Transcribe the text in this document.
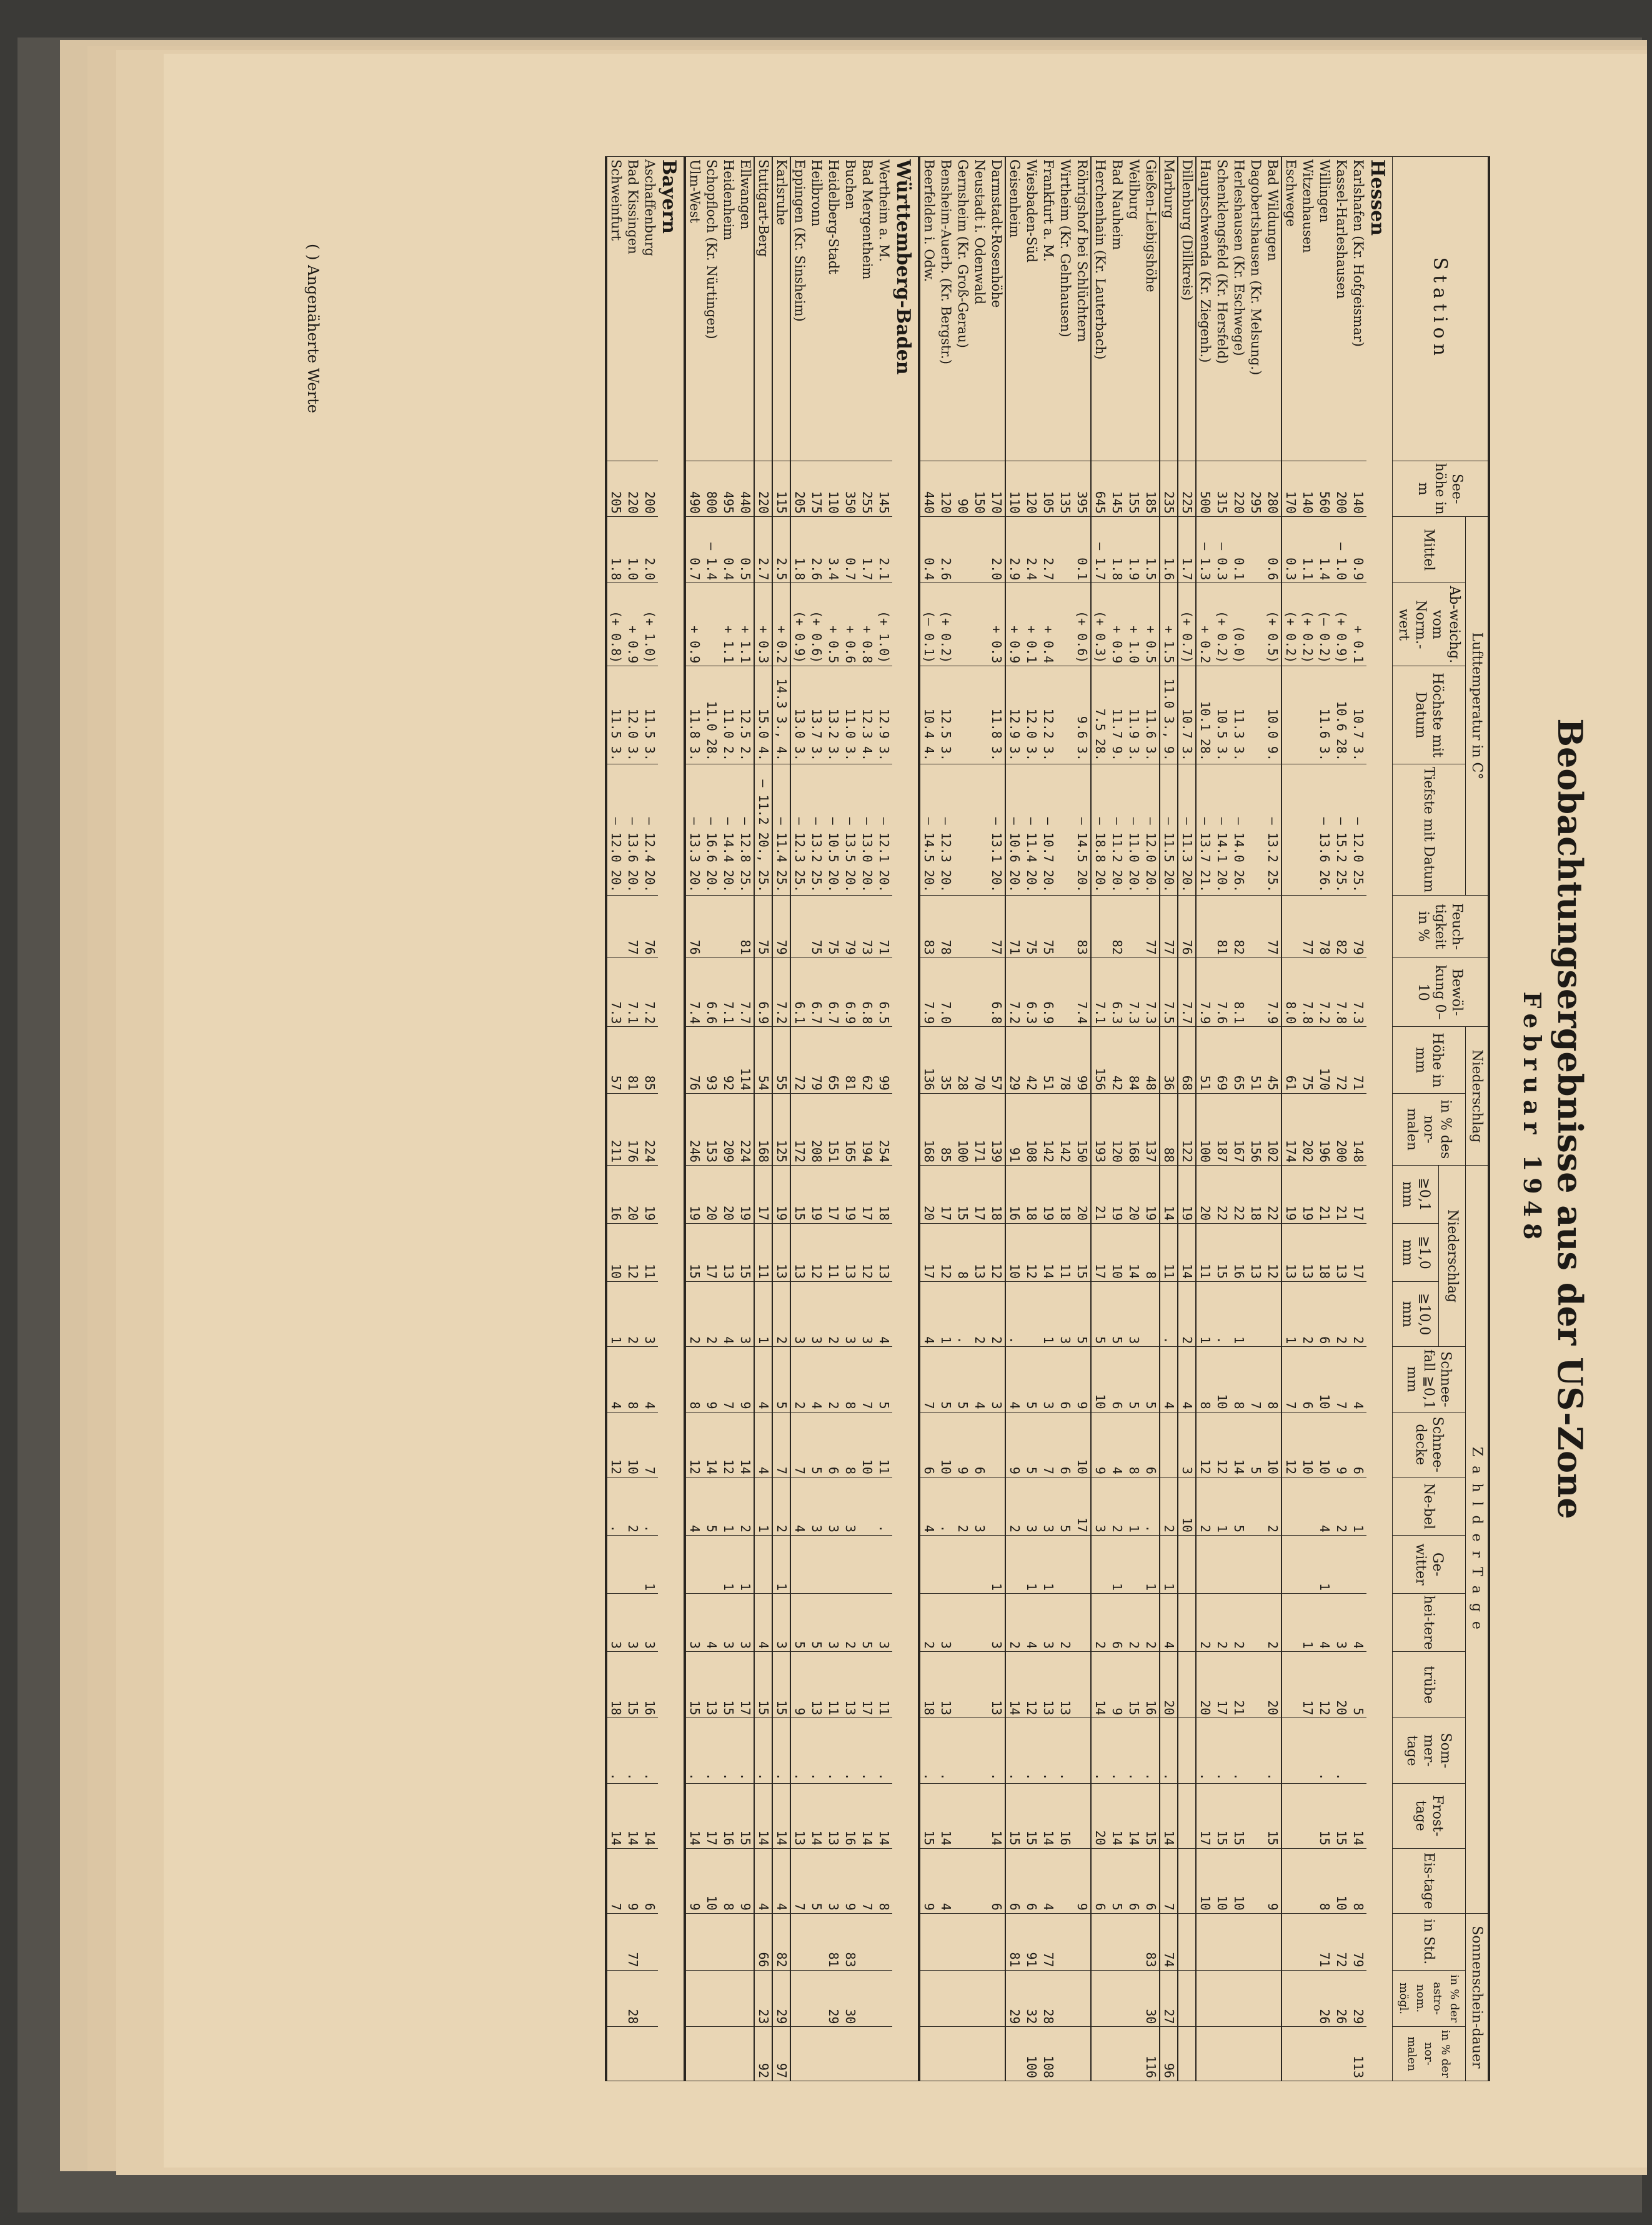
Beobachtungsergebnisse aus der US-Zone
Februar 1948
Station	See-höhe in m	Lufttemperatur in C°				Feuch-tigkeit in %	Bewöl-kung 0–10	Niederschlag		Z a h l d e r T a g e												Sonnenschein-dauer		
		Mittel	Ab-weichg. vom Norm.-wert	Höchste mit Datum	Tiefste mit Datum			Höhe in mm	in % des nor-malen	Niederschlag			Schnee-fall ≧0,1 mm	Schnee-decke	Ne-bel	Ge-witter	hei-tere	trübe	Som-mer-tage	Frost-tage	Eis-tage	in Std.	in % der astro-nom. mögl.	in % der nor-malen
										≧0,1 mm	≧1,0 mm	≧10,0 mm												
Hessen																								
Karlshafen (Kr. Hofgeismar)	140	0.9	+ 0.1	10.7 3.	— 12.0 25.	79	7.3	71	148	17	17	2	4	6	1		4	5		14	8	79	29	113
Kassel-Harleshausen	200	— 1.0	(+ 0.9)	10.6 28.	— 15.2 25.	82	7.8	72	200	21	13	2	7	9	2		3	20	.	15	10	72	26	
Willingen	560	1.4	(— 0.2)	11.6 3.	— 13.6 26.	78	7.2	170	196	21	18	6	10	10	4	1	4	12	.	15	8	71	26	
Witzenhausen	140	1.1	(+ 0.2)			77	7.8	75	202	19	13	2	6	10			1	17						
Eschwege	170	0.3	(+ 0.2)				8.0	61	174	19	13	1	7	12										
Bad Wildungen	280	0.6	(+ 0.5)	10.0 9.	— 13.2 25.	77	7.9	45	102	22	12		8	10	2		2	20	.	15	9			
Dagobertshausen (Kr. Melsung.)	295							51	156	18	13		7	5										
Herleshausen (Kr. Eschwege)	220	0.1	(0.0)	11.3 3.	— 14.0 26.	82	8.1	65	167	22	16	1	8	14	5		2	21	.	15	10			
Schenklengsfeld (Kr. Hersfeld)	315	— 0.3	(+ 0.2)	10.5 3.	— 14.1 20.	81	7.6	69	187	22	15	.	10	12	1		2	17	.	15	10			
Hauptschwenda (Kr. Ziegenh.)	500	— 1.3	+ 0.2	10.1 28.	— 13.7 21.		7.9	51	100	20	11	1	8	12	2		2	20	.	17	10			
Dillenburg (Dillkreis)	225	1.7	(+ 0.7)	10.7 3.	— 11.3 20.	76	7.7	68	122	19	14	2	4	3	10									
Marburg	235	1.6	+ 1.5	11.0 3., 9.	— 11.5 20.	77	7.5	36	88	14	11	.	4		2	1	4	20	.	14	7	74	27	96
Gießen-Liebigshöhe	185	1.5	+ 0.5	11.6 3.	— 12.0 20.	77	7.3	48	137	19	8		5	6	.	1	2	16	.	15	6	83	30	116
Weilburg	155	1.9	+ 1.0	11.9 3.	— 11.0 20.		7.3	84	168	20	14	3	5	8	1		2	15	.	14	6			
Bad Nauheim	145	1.8	+ 0.9	11.7 9.	— 11.2 20.	82	6.3	42	120	19	10	5	6	4	2	1	6	9	.	14	5			
Herchenhain (Kr. Lauterbach)	645	— 1.7	(+ 0.3)	7.5 28.	— 18.8 20.		7.1	156	193	21	17	5	10	9	3		2	14	.	20	6			
Röhrigshof bei Schlüchtern	395	0.1	(+ 0.6)	9.6 3.	— 14.5 20.	83	7.4	99	150	20	15	5	9	10	17						9			
Wirtheim (Kr. Gelnhausen)	135							78	142	18	11	3	6	6	5		2	13	.	16				
Frankfurt a. M.	105	2.7	+ 0.4	12.2 3.	— 10.7 20.	75	6.9	51	142	19	14	1	3	7	3	1	3	13	.	14	4	77	28	108
Wiesbaden-Süd	120	2.4	+ 0.1	12.0 3.	— 11.4 20.	75	6.3	42	108	18	12		5	5	3	1	4	12	.	15	6	91	32	100
Geisenheim	110	2.9	+ 0.9	12.9 3.	— 10.6 20.	71	7.2	29	91	16	10	.	4	9	2		2	14	.	15	6	81	29	
Darmstadt-Rosenhöhe	170	2.0	+ 0.3	11.8 3.	— 13.1 20.	77	6.8	57	139	18	12	2	3			1	3	13	.	14	6			
Neustadt i. Odenwald	150							70	171	17	13	2	4	6	3									
Gernsheim (Kr. Groß-Gerau)	90							28	100	15	8	.	5	9	2									
Bensheim-Auerb. (Kr. Bergstr.)	120	2.6	(+ 0.2)	12.5 3.	— 12.3 20.	78	7.0	35	85	17	12	1	5	10	.		3	13	.	14	4			
Beerfelden i. Odw.	440	0.4	(— 0.1)	10.4 4.	— 14.5 20.	83	7.9	136	168	20	17	4	7	6	4		2	18	.	15	9			
Württemberg-Baden																								
Wertheim a. M.	145	2.1	(+ 1.0)	12.9 3.	— 12.1 20.	71	6.5	99	254	18	13	4	5	11	.		3	11	.	14	8			
Bad Mergentheim	255	1.7	+ 0.8	12.3 4.	— 13.0 20.	73	6.8	62	194	17	12	3	7	10			5	17	.	14	7			
Buchen	350	0.7	+ 0.6	11.0 3.	— 13.5 20.	79	6.9	81	165	19	13	3	8	8	3		2	13	.	16	9	83	30	
Heidelberg-Stadt	110	3.4	+ 0.5	13.2 3.	— 10.5 20.	75	6.7	65	151	17	11	2	2	6	3		3	11	.	13	3	81	29	
Heilbronn	175	2.6	(+ 0.6)	13.7 3.	— 13.2 25.	75	6.7	79	208	19	12	3	4	5	3		5	13	.	14	5			
Eppingen (Kr. Sinsheim)	205	1.8	(+ 0.9)	13.0 3.	— 12.3 25.		6.1	72	172	15	13	3	2	7	4		5	9	.	13	7			
Karlsruhe	115	2.5	+ 0.2	14.3 3., 4.	— 11.4 25.	79	7.2	55	125	19	13	2	5	7	2	1	3	15	.	14	4	82	29	97
Stuttgart-Berg	220	2.7	+ 0.3	15.0 4.	— 11.2 20., 25.	75	6.9	54	168	17	11	1	4	4	1		4	15	.	14	4	66	23	92
Ellwangen	440	0.5	+ 1.1	12.5 2.	— 12.8 25.	81	7.7	114	224	19	15	3	9	14	2	1	3	17	.	15	9			
Heidenheim	495	0.4	+ 1.1	11.0 2.	— 14.4 20.		7.1	92	209	20	13	4	7	12	1	1	3	15	.	16	8			
Schopfloch (Kr. Nürtingen)	800	— 1.4		11.0 28.	— 16.6 20.		6.6	93	153	20	17	2	9	14	5		4	13	.	17	10			
Ulm-West	490	0.7	+ 0.9	11.8 3.	— 13.3 20.	76	7.4	76	246	19	15	2	8	12	4		3	15	.	14	9			
Bayern																								
Aschaffenburg	200	2.0	(+ 1.0)	11.5 3.	— 12.4 20.	76	7.2	85	224	19	11	3	4	7	.	1	3	16	.	14	6			
Bad Kissingen	220	1.0	+ 0.9	12.0 3.	— 13.6 20.	77	7.1	81	176	20	12	2	8	10	2		3	15	.	14	9	77	28	
Schweinfurt	205	1.8	(+ 0.8)	11.5 3.	— 12.0 20.		7.3	57	211	16	10	1	4	12	.		3	18	.	14	7			
( ) Angenäherte Werte
